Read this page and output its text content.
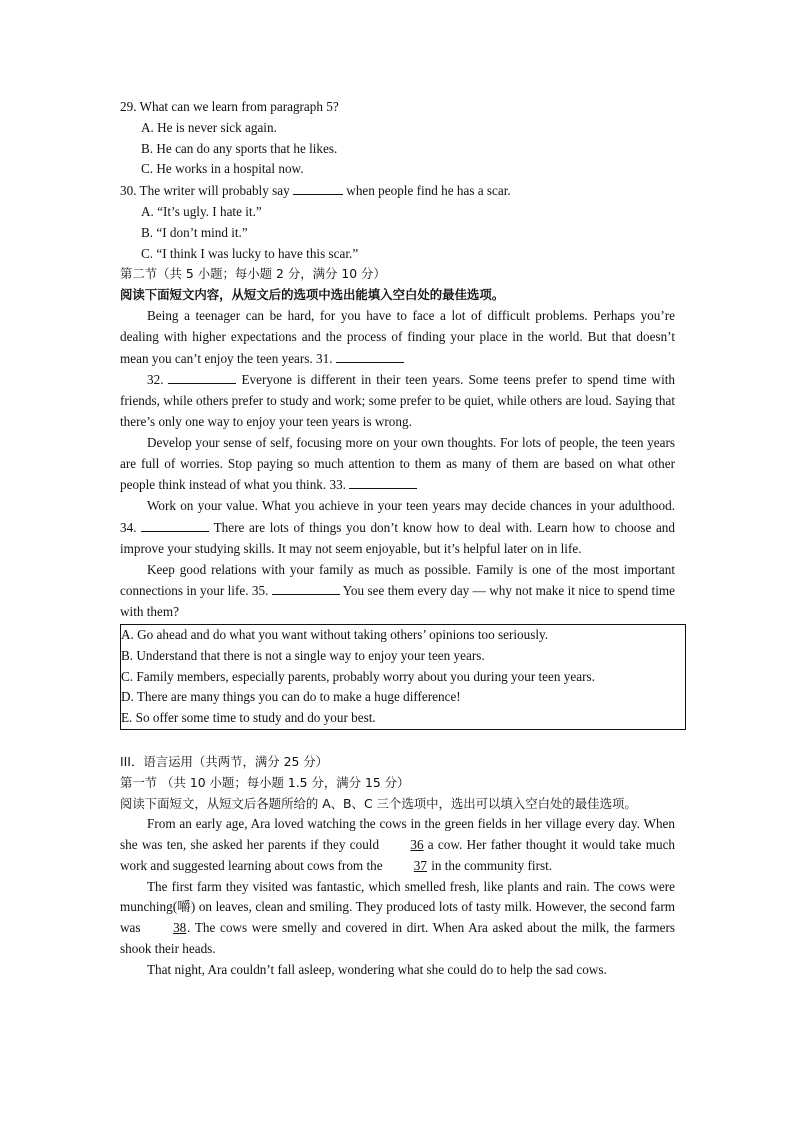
29. What can we learn from paragraph 5?
A. He is never sick again.
B. He can do any sports that he likes.
C. He works in a hospital now.
30. The writer will probably say	when people find he has a scar.
A. “It’s ugly. I hate it.”
B. “I don’t mind it.”
C. “I think I was lucky to have this scar.”
第二节（共 5 小题；每小题 2 分，满分 10 分）
阅读下面短文内容，从短文后的选项中选出能填入空白处的最佳选项。
Being a teenager can be hard, for you have to face a lot of difficult problems. Perhaps you’re dealing with higher expectations and the process of finding your place in the world. But that doesn’t mean you can’t enjoy the teen years. 31.
32.	Everyone is different in their teen years. Some teens prefer to spend time with friends, while others prefer to study and work; some prefer to be quiet, while others are loud. Saying that there’s only one way to enjoy your teen years is wrong.
Develop your sense of self, focusing more on your own thoughts. For lots of people, the teen years are full of worries. Stop paying so much attention to them as many of them are based on what other people think instead of what you think. 33.
Work on your value. What you achieve in your teen years may decide chances in your adulthood. 34.	There are lots of things you don’t know how to deal with. Learn how to choose and improve your studying skills. It may not seem enjoyable, but it’s helpful later on in life.
Keep good relations with your family as much as possible. Family is one of the most important connections in your life. 35.	You see them every day — why not make it nice to spend time with them?
A. Go ahead and do what you want without taking others’ opinions too seriously.
B. Understand that there is not a single way to enjoy your teen years.
C. Family members, especially parents, probably worry about you during your teen years.
D. There are many things you can do to make a huge difference!
E. So offer some time to study and do your best.
III．语言运用（共两节，满分 25 分）
第一节 （共 10 小题；每小题 1.5 分，满分 15 分）
阅读下面短文，从短文后各题所给的 A、B、C 三个选项中，选出可以填入空白处的最佳选项。
From an early age, Ara loved watching the cows in the green fields in her village every day. When she was ten, she asked her parents if they could 36 a cow. Her father thought it would take much work and suggested learning about cows from the 37 in the community first.
The first farm they visited was fantastic, which smelled fresh, like plants and rain. The cows were munching(嚼) on leaves, clean and smiling. They produced lots of tasty milk. However, the second farm was 38. The cows were smelly and covered in dirt. When Ara asked about the milk, the farmers shook their heads.
That night, Ara couldn’t fall asleep, wondering what she could do to help the sad cows.
